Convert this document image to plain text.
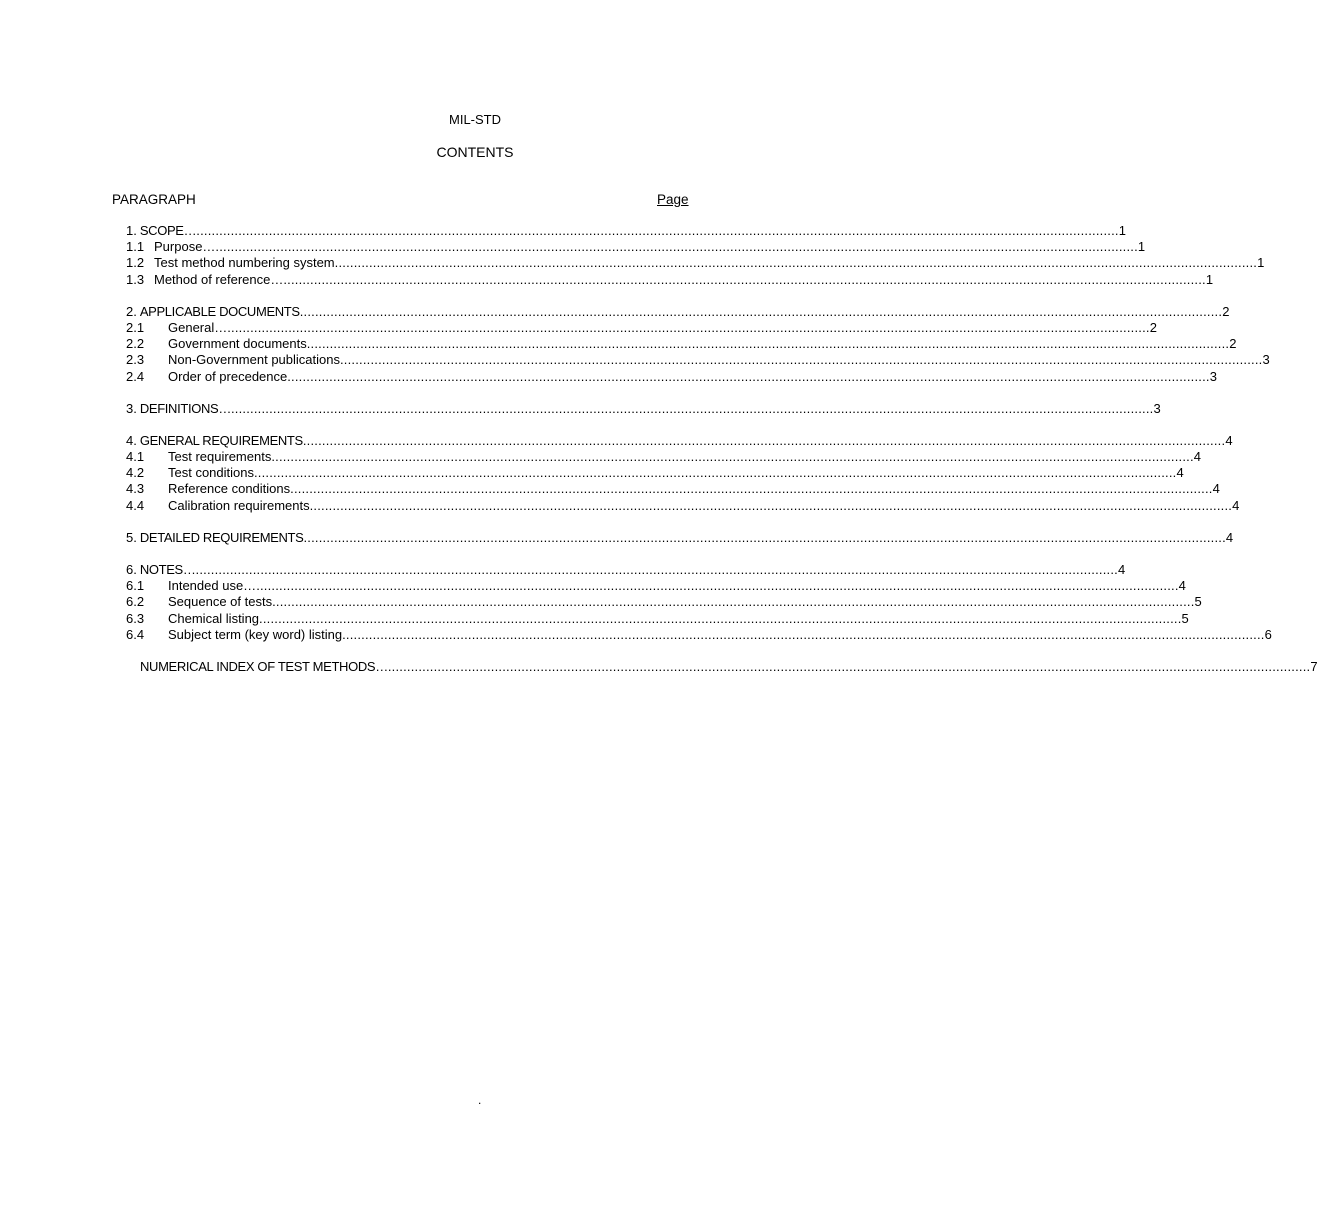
MIL-STD
CONTENTS
PARAGRAPH	Page
1. SCOPE… .....	1
1.1 Purpose… .....	1
1.2 Test method numbering system .....	1
1.3 Method of reference… .....	1
2. APPLICABLE DOCUMENTS .....	2
2.1	General… .....	2
2.2	Government documents .....	2
2.3	Non-Government publications .....	3
2.4	Order of precedence .....	3
3. DEFINITIONS… .....	3
4. GENERAL REQUIREMENTS .....	4
4.1	Test requirements .....	4
4.2	Test conditions .....	4
4.3	Reference conditions .....	4
4.4	Calibration requirements .....	4
5. DETAILED REQUIREMENTS .....	4
6. NOTES… .....	4
6.1	Intended use… .....	4
6.2	Sequence of tests .....	5
6.3	Chemical listing .....	5
6.4	Subject term (key word) listing .....	6
NUMERICAL INDEX OF TEST METHODS… .....	7
.
